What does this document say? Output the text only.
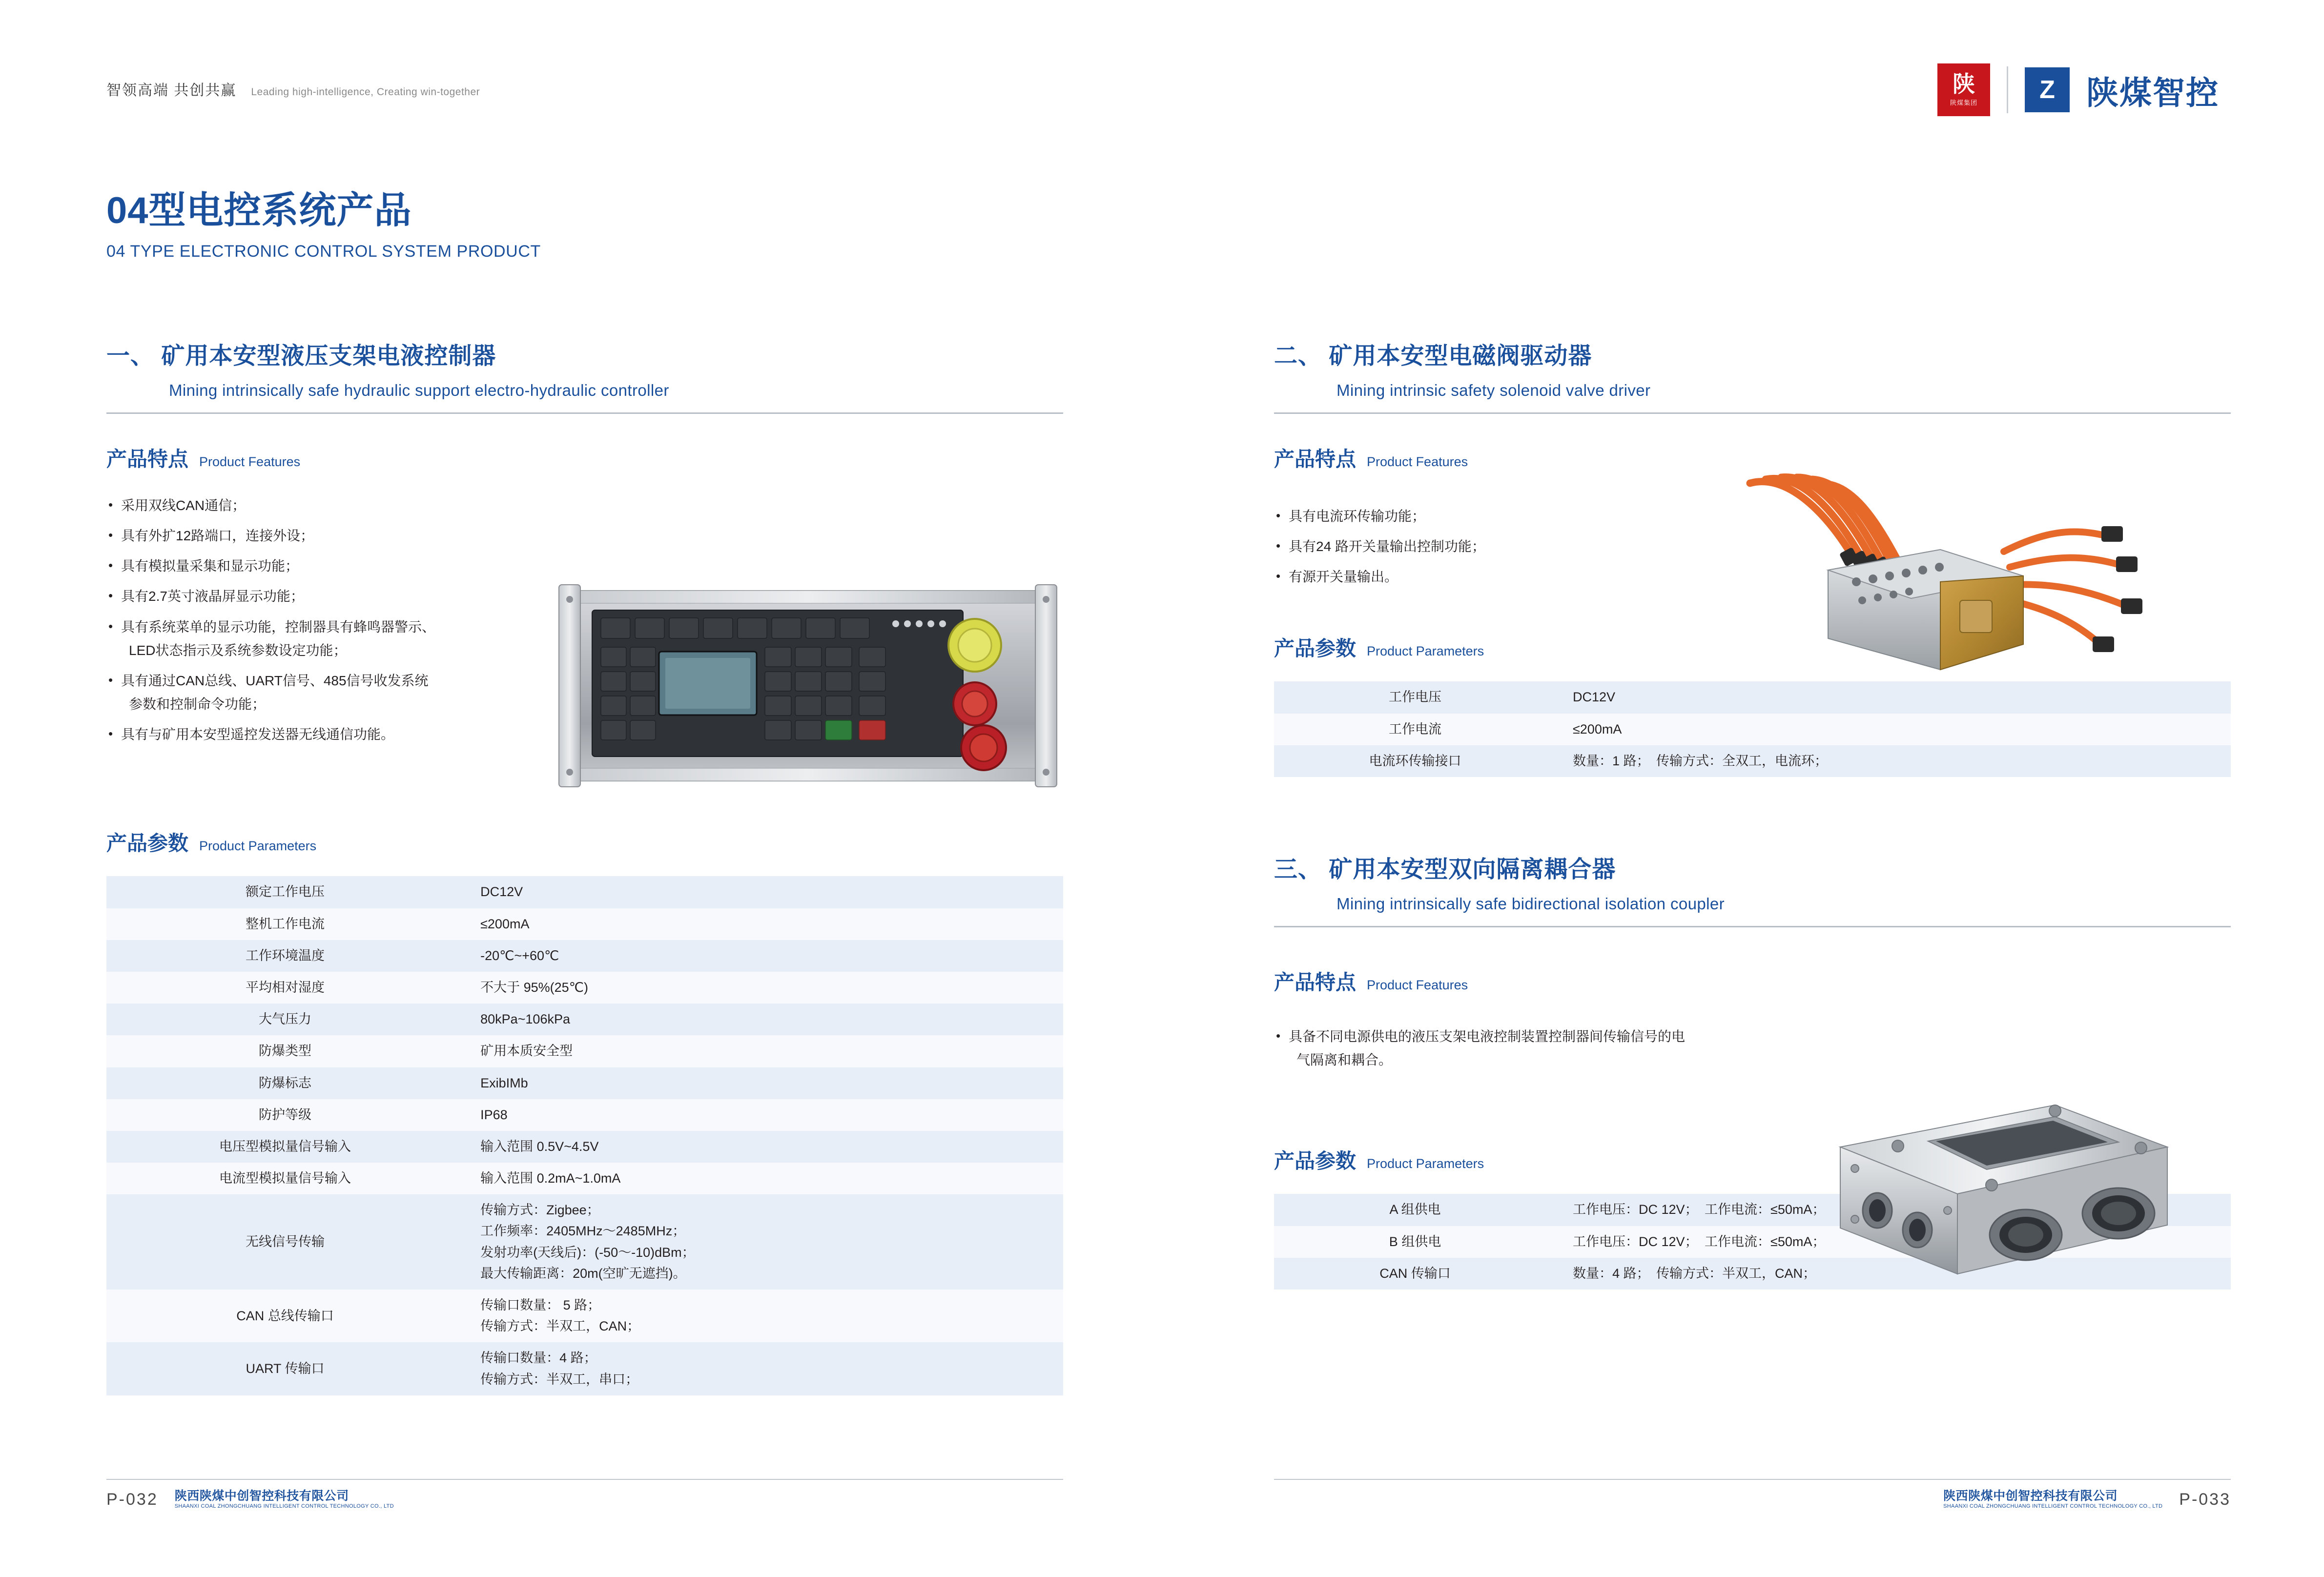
智领高端 共创共赢 Leading high-intelligence, Creating win-together	陕
陕煤集团	Z 陕煤智控
04型电控系统产品
04 TYPE ELECTRONIC CONTROL SYSTEM PRODUCT
一、 矿用本安型液压支架电液控制器
Mining intrinsically safe hydraulic support electro-hydraulic controller
产品特点 Product Features
• 采用双线CAN通信；
• 具有外扩12路端口，连接外设；
• 具有模拟量采集和显示功能；
• 具有2.7英寸液晶屏显示功能；
• 具有系统菜单的显示功能，控制器具有蜂鸣器警示、
LED状态指示及系统参数设定功能；
• 具有通过CAN总线、UART信号、485信号收发系统
参数和控制命令功能；
• 具有与矿用本安型遥控发送器无线通信功能。
产品参数 Product Parameters
额定工作电压	DC12V
整机工作电流	≤200mA
工作环境温度	-20℃~+60℃
平均相对湿度	不大于 95%(25℃)
大气压力	80kPa~106kPa
防爆类型	矿用本质安全型
防爆标志	ExibIMb
防护等级	IP68
电压型模拟量信号输入	输入范围 0.5V~4.5V
电流型模拟量信号输入	输入范围 0.2mA~1.0mA
无线信号传输	传输方式：Zigbee；
工作频率：2405MHz～2485MHz；
发射功率(天线后)：(-50～-10)dBm；
最大传输距离：20m(空旷无遮挡)。

CAN 总线传输口	传输口数量： 5 路；
传输方式：半双工，CAN；

UART 传输口	传输口数量：4 路；
传输方式：半双工，串口；
二、 矿用本安型电磁阀驱动器
Mining intrinsic safety solenoid valve driver
产品特点 Product Features
• 具有电流环传输功能；
• 具有24 路开关量输出控制功能；
• 有源开关量输出。
产品参数 Product Parameters
工作电压	DC12V
工作电流	≤200mA
电流环传输接口	数量：1 路；　传输方式：全双工，电流环；
三、 矿用本安型双向隔离耦合器
Mining intrinsically safe bidirectional isolation coupler
产品特点 Product Features
• 具备不同电源供电的液压支架电液控制装置控制器间传输信号的电
气隔离和耦合。
产品参数 Product Parameters
A 组供电	工作电压：DC 12V；　工作电流：≤50mA；
B 组供电	工作电压：DC 12V；　工作电流：≤50mA；
CAN 传输口	数量：4 路；　传输方式：半双工，CAN；
P-032 陕西陕煤中创智控科技有限公司
SHAANXI COAL ZHONGCHUANG INTELLIGENT CONTROL TECHNOLOGY CO., LTD
陕西陕煤中创智控科技有限公司
SHAANXI COAL ZHONGCHUANG INTELLIGENT CONTROL TECHNOLOGY CO., LTD P-033
